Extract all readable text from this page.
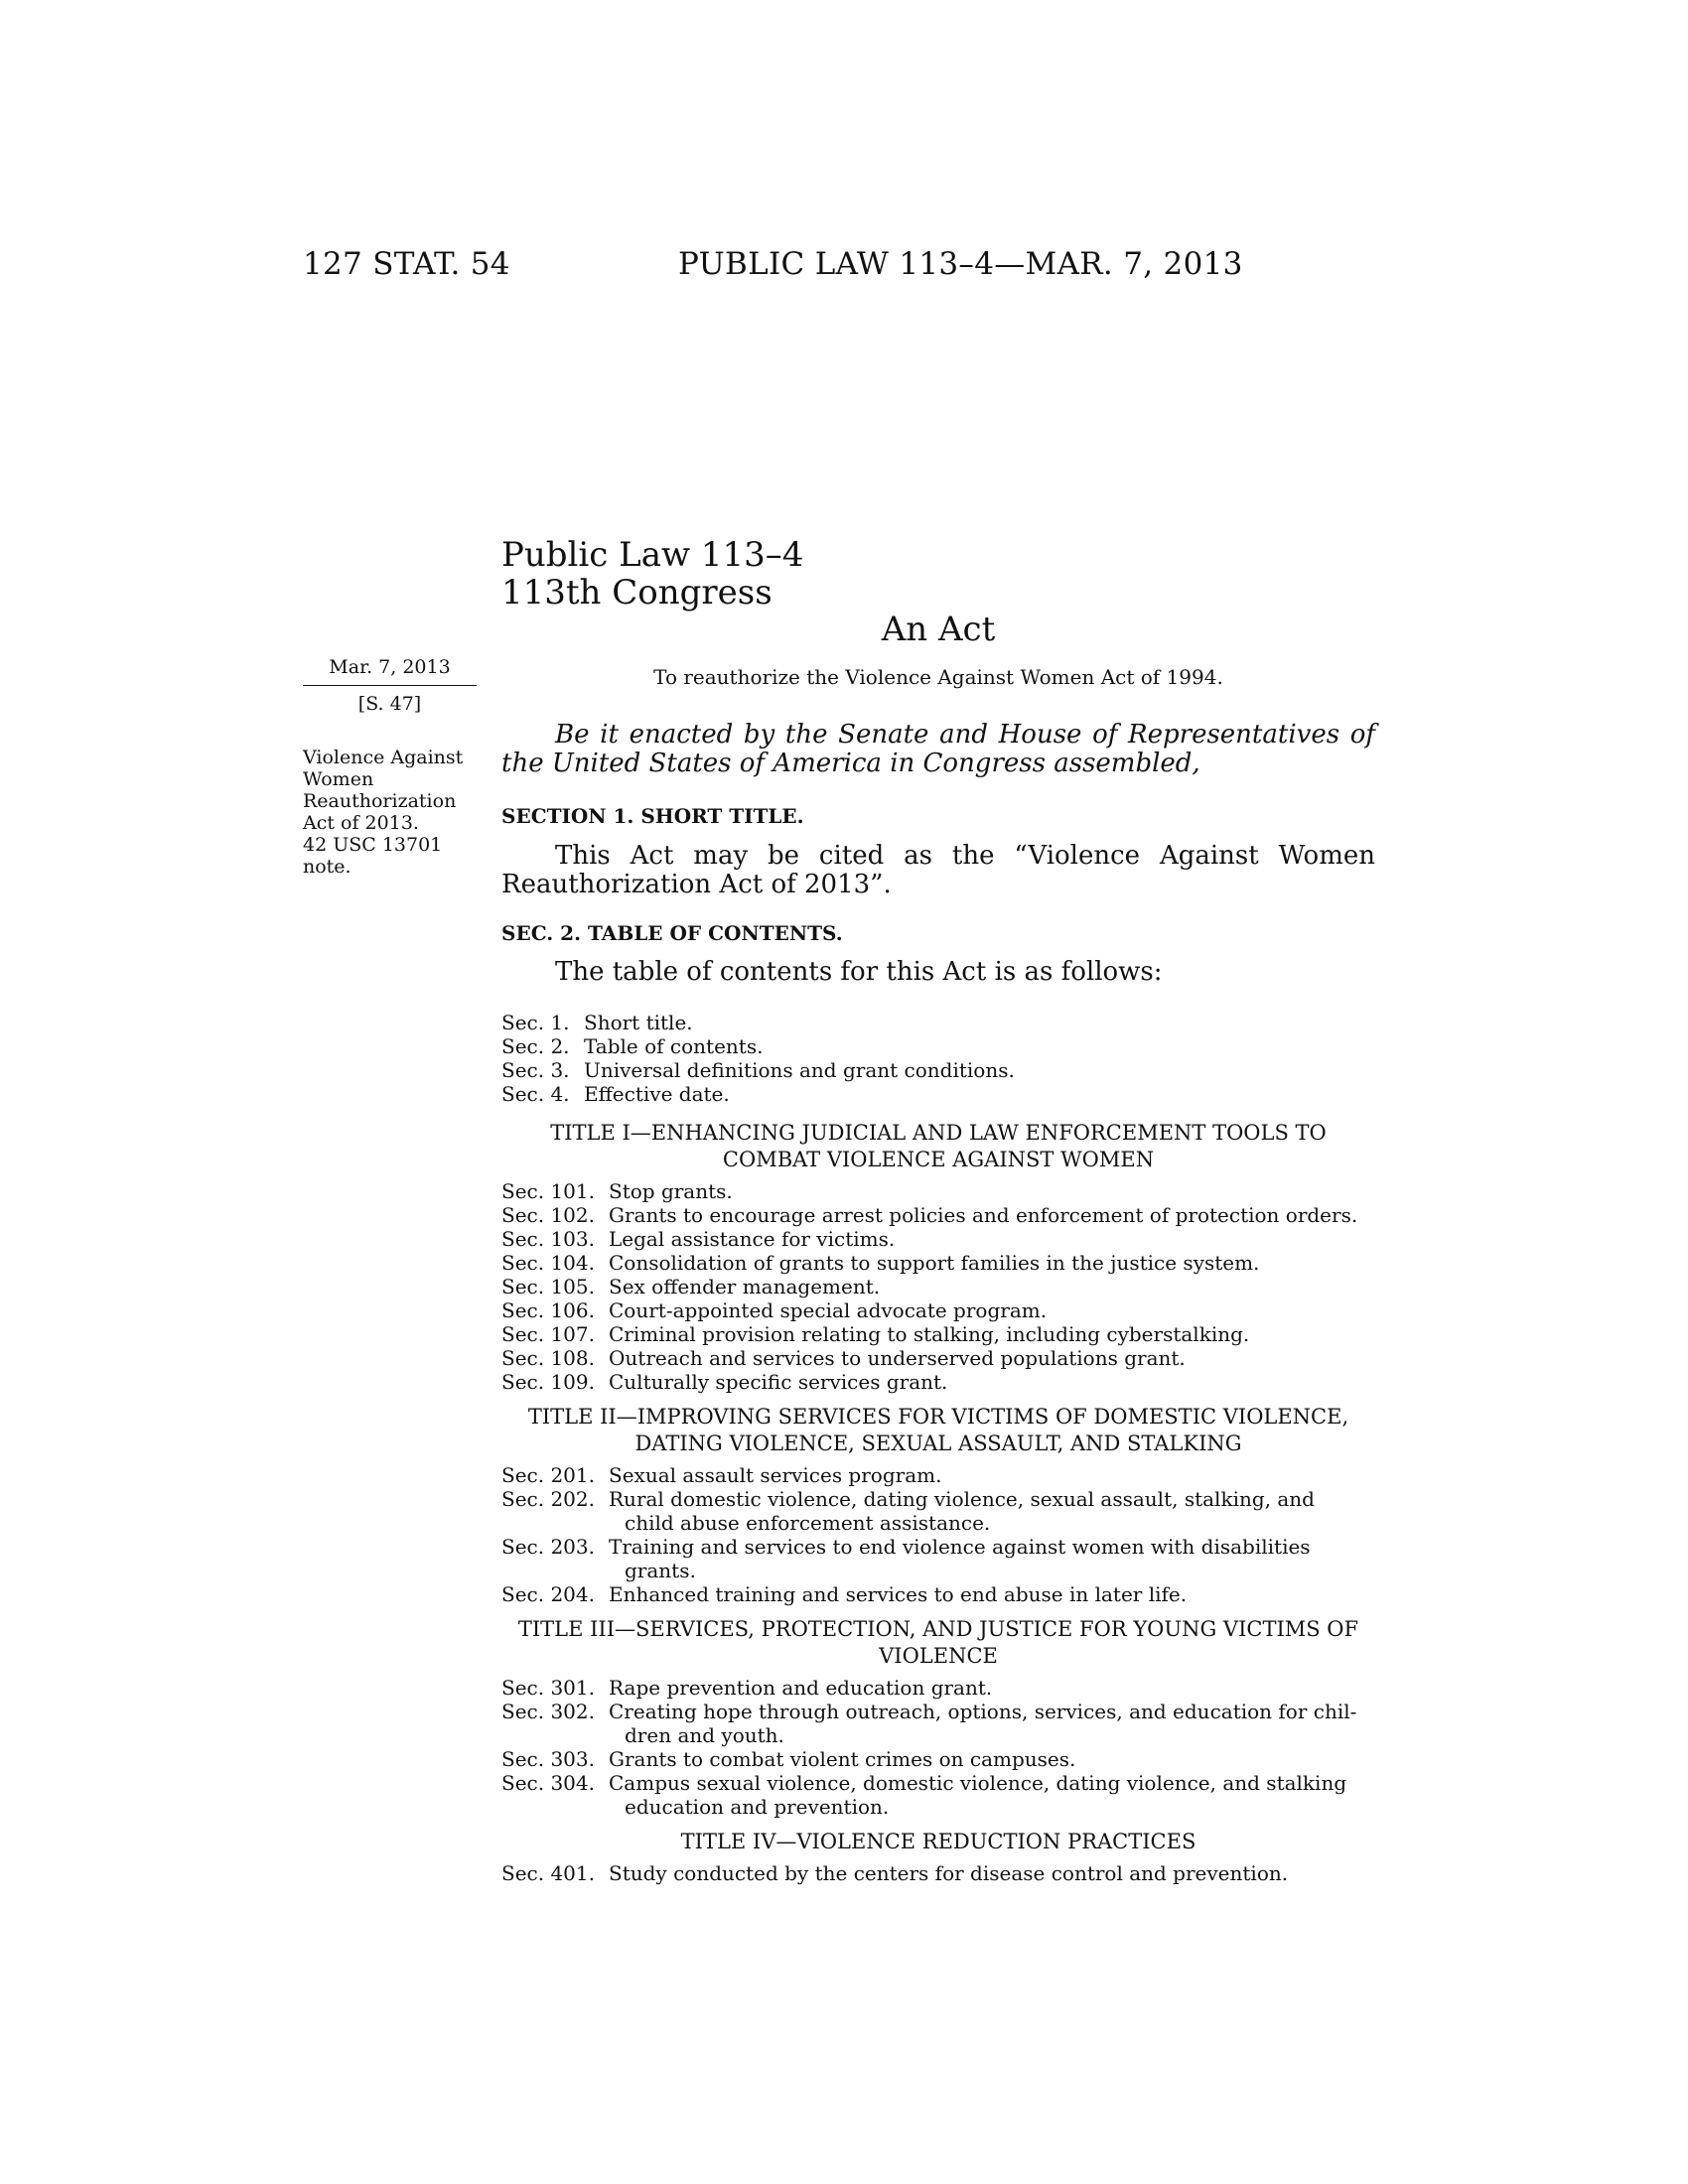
127 STAT. 54	PUBLIC LAW 113–4—MAR. 7, 2013
Public Law 113–4
113th Congress
An Act
Mar. 7, 2013
[S. 47]
Violence Against
Women
Reauthorization
Act of 2013.
42 USC 13701
note.

To reauthorize the Violence Against Women Act of 1994.

Be it enacted by the Senate and House of Representatives of the United States of America in Congress assembled,

SECTION 1. SHORT TITLE.

This Act may be cited as the “Violence Against Women Reauthorization Act of 2013”.

SEC. 2. TABLE OF CONTENTS.

The table of contents for this Act is as follows:

Sec. 1. Short title.
Sec. 2. Table of contents.
Sec. 3. Universal definitions and grant conditions.
Sec. 4. Effective date.
TITLE I—ENHANCING JUDICIAL AND LAW ENFORCEMENT TOOLS TO
COMBAT VIOLENCE AGAINST WOMEN
Sec. 101. Stop grants.
Sec. 102. Grants to encourage arrest policies and enforcement of protection orders.
Sec. 103. Legal assistance for victims.
Sec. 104. Consolidation of grants to support families in the justice system.
Sec. 105. Sex offender management.
Sec. 106. Court-appointed special advocate program.
Sec. 107. Criminal provision relating to stalking, including cyberstalking.
Sec. 108. Outreach and services to underserved populations grant.
Sec. 109. Culturally specific services grant.
TITLE II—IMPROVING SERVICES FOR VICTIMS OF DOMESTIC VIOLENCE,
DATING VIOLENCE, SEXUAL ASSAULT, AND STALKING
Sec. 201. Sexual assault services program.
Sec. 202. Rural domestic violence, dating violence, sexual assault, stalking, and
child abuse enforcement assistance.
Sec. 203. Training and services to end violence against women with disabilities
grants.
Sec. 204. Enhanced training and services to end abuse in later life.
TITLE III—SERVICES, PROTECTION, AND JUSTICE FOR YOUNG VICTIMS OF
VIOLENCE
Sec. 301. Rape prevention and education grant.
Sec. 302. Creating hope through outreach, options, services, and education for chil-
dren and youth.
Sec. 303. Grants to combat violent crimes on campuses.
Sec. 304. Campus sexual violence, domestic violence, dating violence, and stalking
education and prevention.
TITLE IV—VIOLENCE REDUCTION PRACTICES
Sec. 401. Study conducted by the centers for disease control and prevention.
